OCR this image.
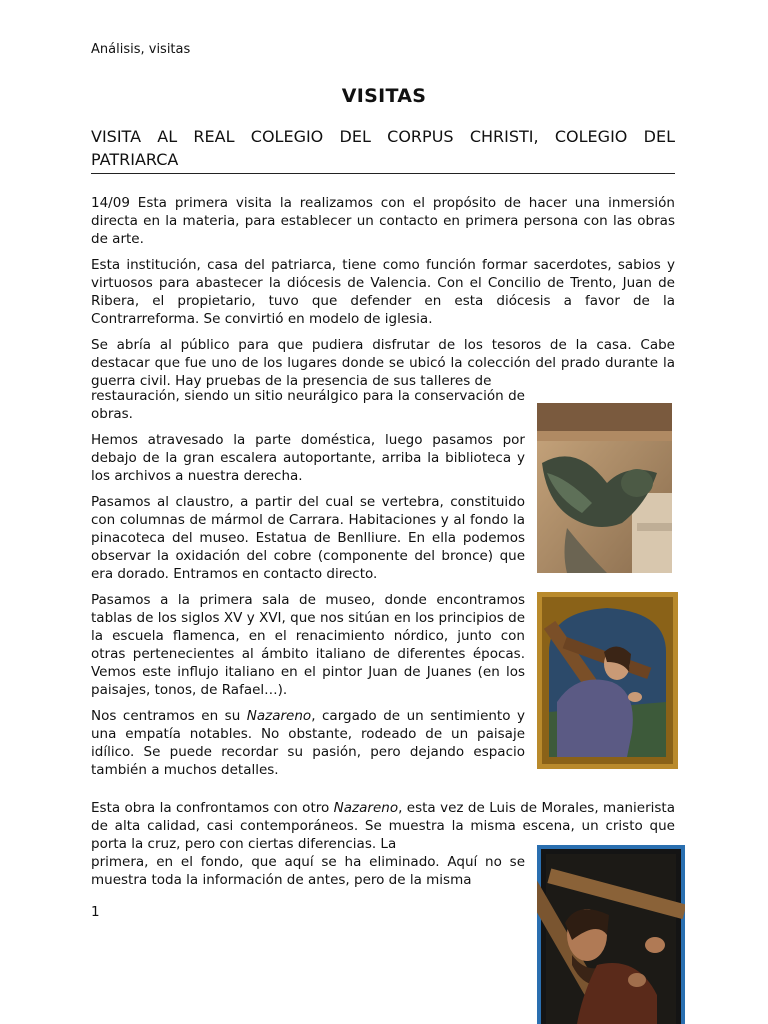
Análisis, visitas
VISITAS
VISITA AL REAL COLEGIO DEL CORPUS CHRISTI, COLEGIO DEL PATRIARCA

14/09 Esta primera visita la realizamos con el propósito de hacer una inmersión directa en la materia, para establecer un contacto en primera persona con las obras de arte.

Esta institución, casa del patriarca, tiene como función formar sacerdotes, sabios y virtuosos para abastecer la diócesis de Valencia. Con el Concilio de Trento, Juan de Ribera, el propietario, tuvo que defender en esta diócesis a favor de la Contrarreforma. Se convirtió en modelo de iglesia.

Se abría al público para que pudiera disfrutar de los tesoros de la casa. Cabe destacar que fue uno de los lugares donde se ubicó la colección del prado durante la guerra civil. Hay pruebas de la presencia de sus talleres de

restauración, siendo un sitio neurálgico para la conservación de obras.

Hemos atravesado la parte doméstica, luego pasamos por debajo de la gran escalera autoportante, arriba la biblioteca y los archivos a nuestra derecha.

Pasamos al claustro, a partir del cual se vertebra, constituido con columnas de mármol de Carrara. Habitaciones y al fondo la pinacoteca del museo. Estatua de Benlliure. En ella podemos observar la oxidación del cobre (componente del bronce) que era dorado. Entramos en contacto directo.

Pasamos a la primera sala de museo, donde encontramos tablas de los siglos XV y XVI, que nos sitúan en los principios de la escuela flamenca, en el renacimiento nórdico, junto con otras pertenecientes al ámbito italiano de diferentes épocas. Vemos este influjo italiano en el pintor Juan de Juanes (en los paisajes, tonos, de Rafael…).

Nos centramos en su Nazareno, cargado de un sentimiento y una empatía notables. No obstante, rodeado de un paisaje idílico. Se puede recordar su pasión, pero dejando espacio también a muchos detalles.

Esta obra la confrontamos con otro Nazareno, esta vez de Luis de Morales, manierista de alta calidad, casi contemporáneos. Se muestra la misma escena, un cristo que porta la cruz, pero con ciertas diferencias. La

primera, en el fondo, que aquí se ha eliminado. Aquí no se muestra toda la información de antes, pero de la misma

1
